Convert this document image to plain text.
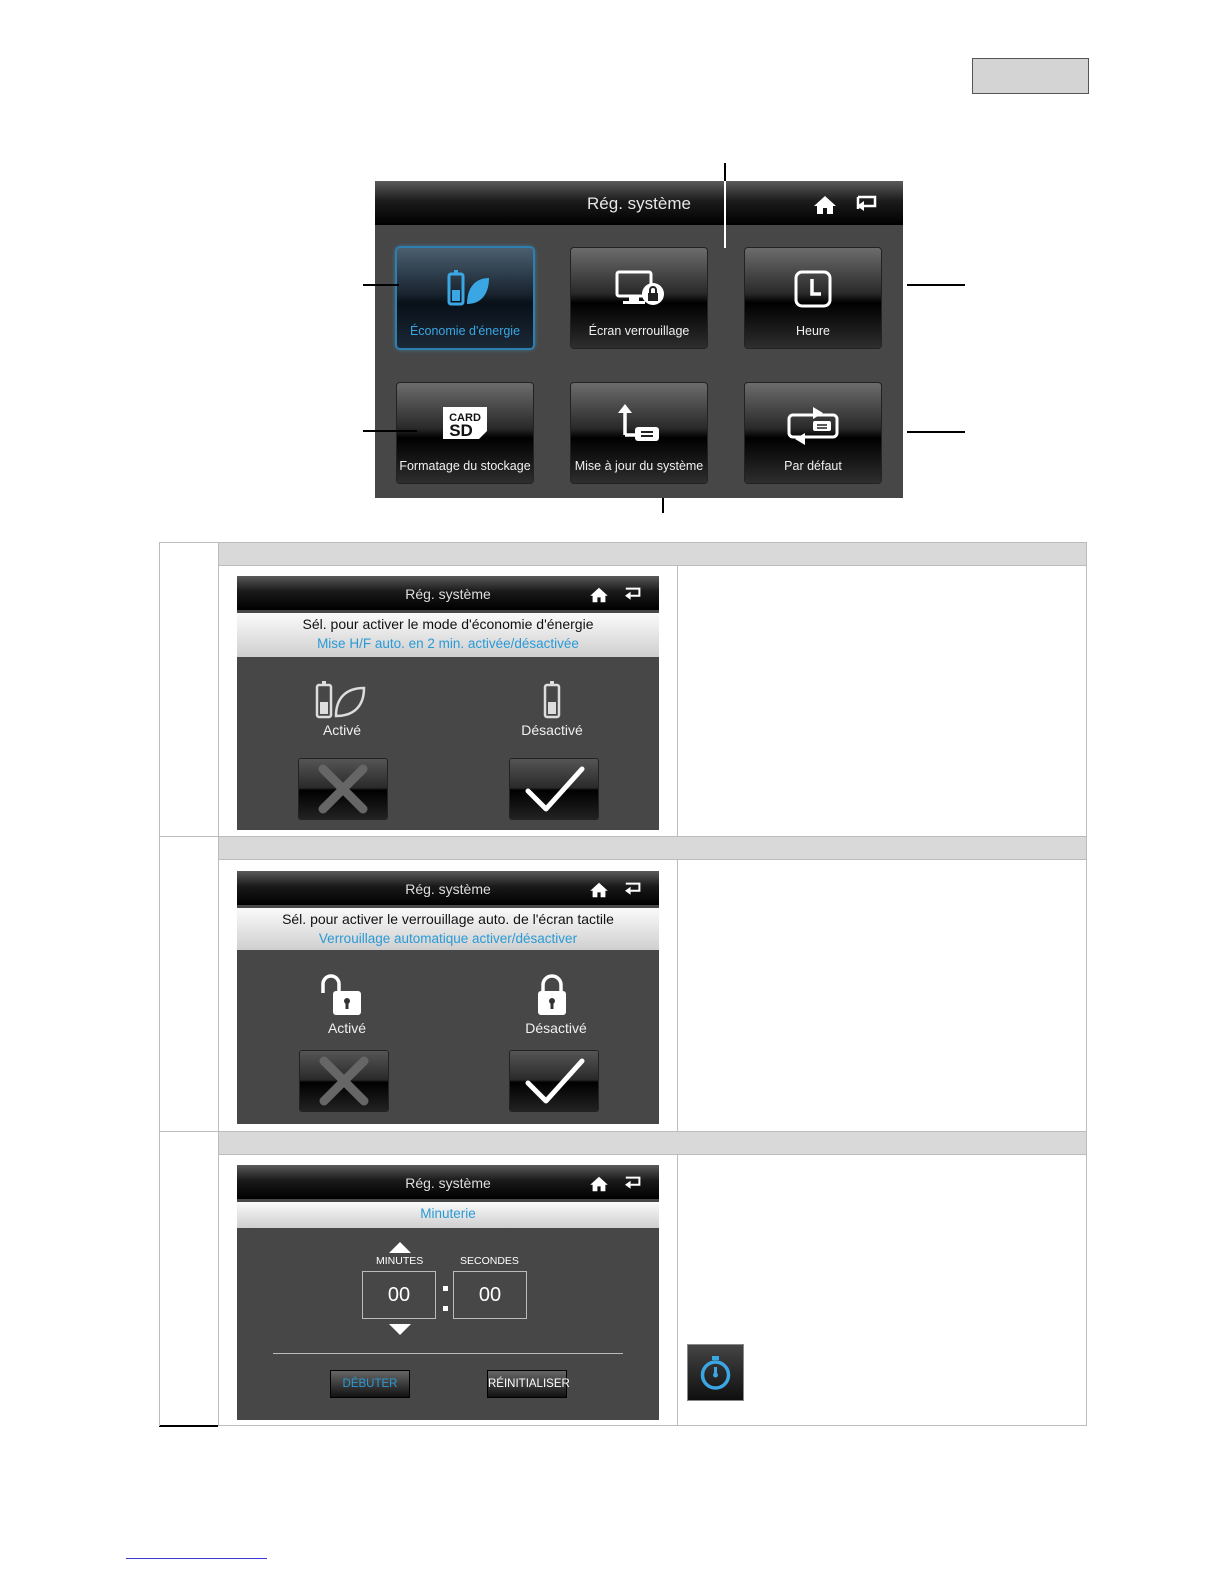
Rég. système
Économie d'énergie	Écran verrouillage	Heure
CARD
SD
Formatage du stockage	Mise à jour du système	Par défaut
Rég. système
Sél. pour activer le mode d'économie d'énergie
Mise H/F auto. en 2 min. activée/désactivée
Activé	Désactivé
Rég. système
Sél. pour activer le verrouillage auto. de l'écran tactile
Verrouillage automatique activer/désactiver
Activé	Désactivé
Rég. système
Minuterie
MINUTES	SECONDES
00	00
DÉBUTER	RÉINITIALISER
